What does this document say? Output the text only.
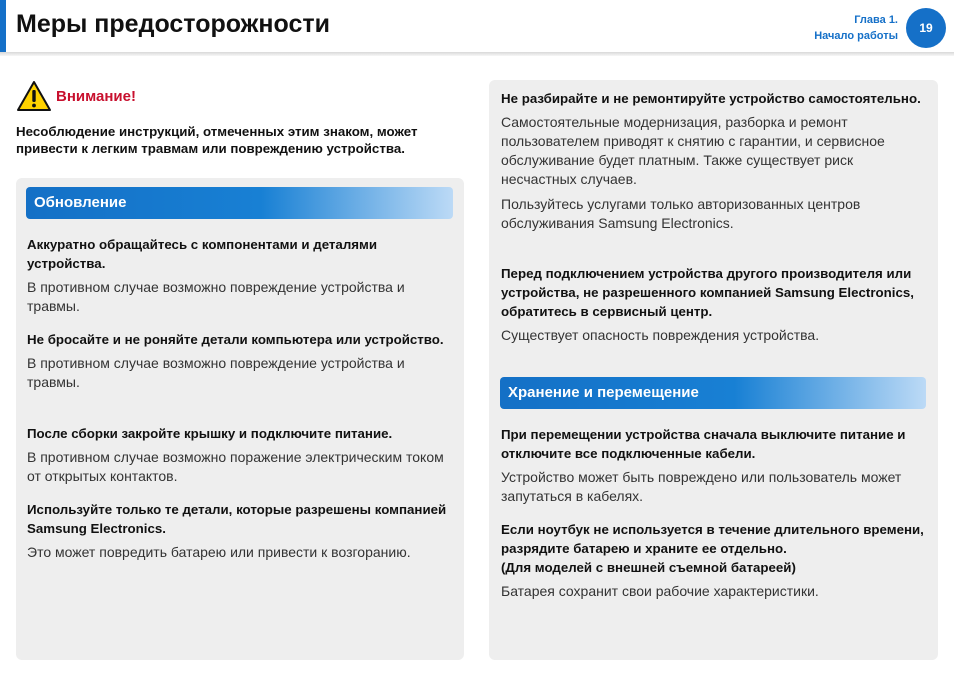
Меры предосторожности	Глава 1.
Начало работы
19
Внимание!
Несоблюдение инструкций, отмеченных этим знаком, может привести к легким травмам или повреждению устройства.
Обновление
Аккуратно обращайтесь с компонентами и деталями устройства.
В противном случае возможно повреждение устройства и травмы.
Не бросайте и не роняйте детали компьютера или устройство.
В противном случае возможно повреждение устройства и травмы.
После сборки закройте крышку и подключите питание.
В противном случае возможно поражение электрическим током от открытых контактов.
Используйте только те детали, которые разрешены компанией Samsung Electronics.
Это может повредить батарею или привести к возгоранию.
Не разбирайте и не ремонтируйте устройство самостоятельно.
Самостоятельные модернизация, разборка и ремонт пользователем приводят к снятию с гарантии, и сервисное обслуживание будет платным. Также существует риск несчастных случаев.
Пользуйтесь услугами только авторизованных центров обслуживания Samsung Electronics.
Перед подключением устройства другого производителя или устройства, не разрешенного компанией Samsung Electronics, обратитесь в сервисный центр.
Существует опасность повреждения устройства.
Хранение и перемещение
При перемещении устройства сначала выключите питание и отключите все подключенные кабели.
Устройство может быть повреждено или пользователь может запутаться в кабелях.
Если ноутбук не используется в течение длительного времени, разрядите батарею и храните ее отдельно.
(Для моделей с внешней съемной батареей)
Батарея сохранит свои рабочие характеристики.
